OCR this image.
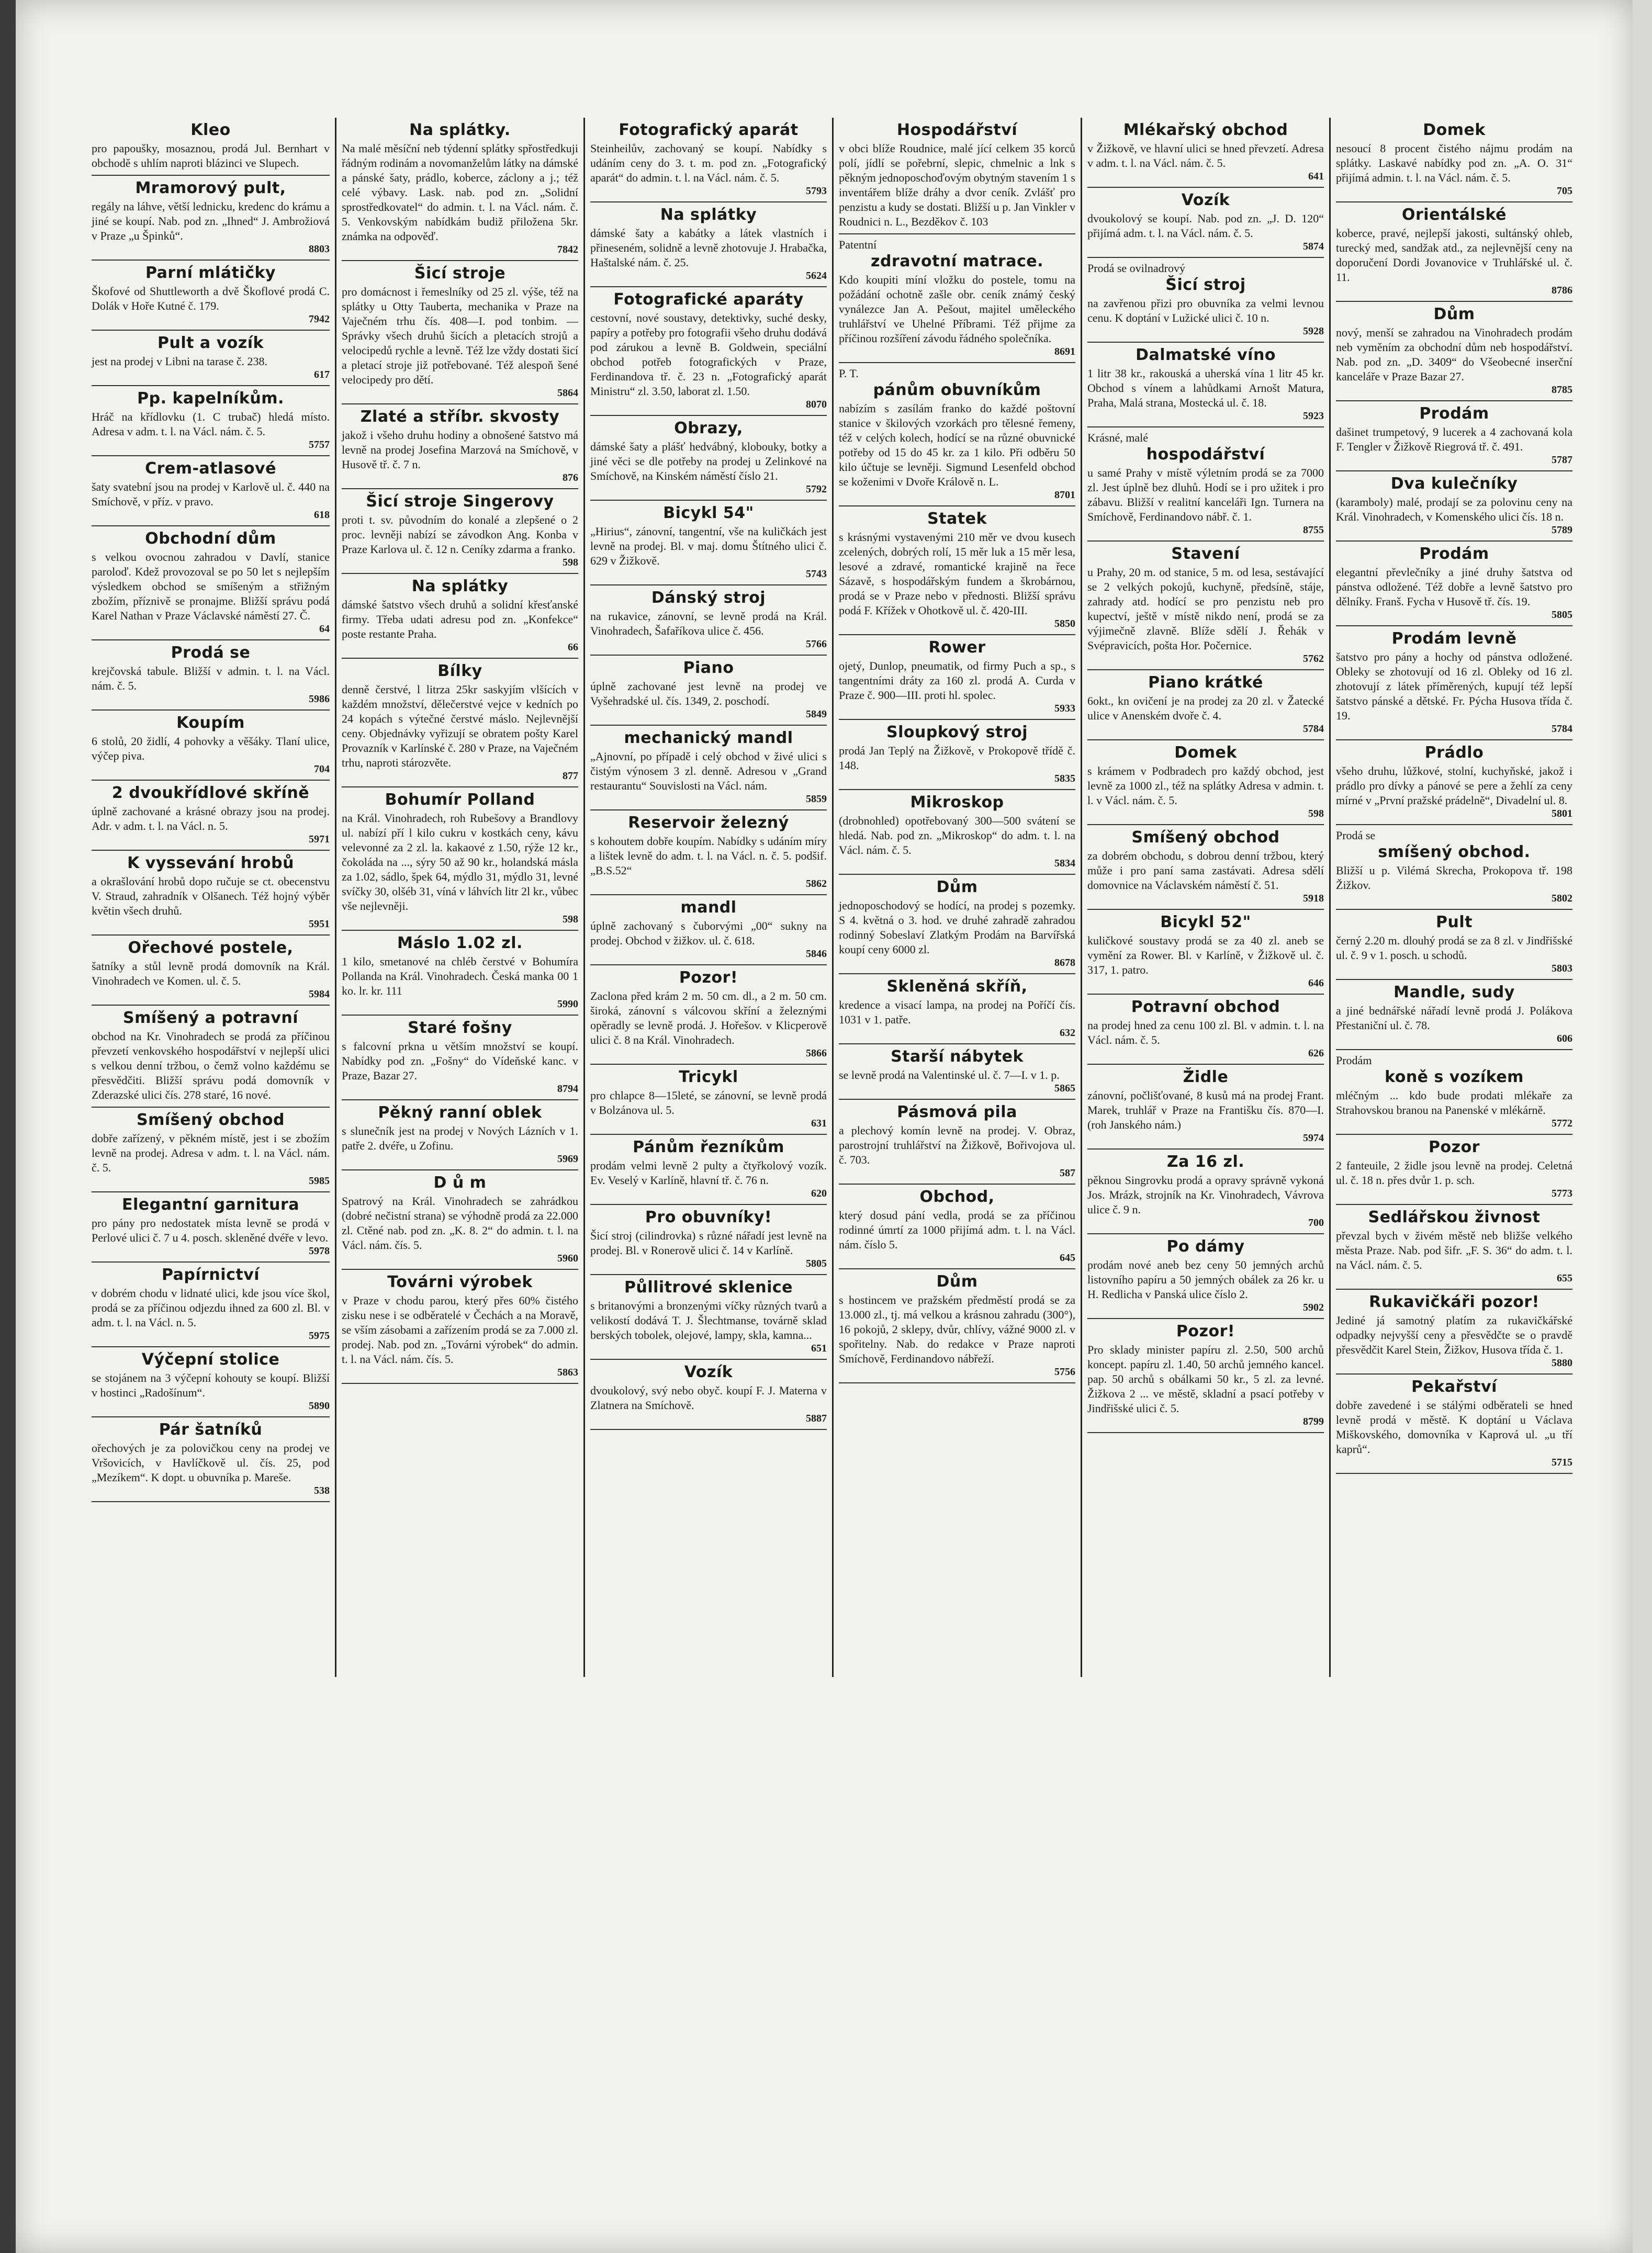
Kleo

pro papoušky, mosaznou, prodá Jul. Bernhart v obchodě s uhlím naproti blázinci ve Slupech.

Mramorový pult,

regály na láhve, větší lednicku, kredenc do krámu a jiné se koupí. Nab. pod zn. „Ihned“ J. Ambrožiová v Praze „u Špinků“.

8803
Parní mlátičky

Škofové od Shuttleworth a dvě Škoflové prodá C. Dolák v Hoře Kutné č. 179.

7942
Pult a vozík

jest na prodej v Libni na tarase č. 238.

617
Pp. kapelníkům.

Hráč na křídlovku (1. C trubač) hledá místo. Adresa v adm. t. l. na Václ. nám. č. 5.

5757
Crem-atlasové

šaty svatební jsou na prodej v Karlově ul. č. 440 na Smíchově, v příz. v pravo.

618
Obchodní dům

s velkou ovocnou zahradou v Davlí, stanice paroloď. Kdež provozoval se po 50 let s nejlepším výsledkem obchod se smíšeným a střižným zbožím, příznivě se pronajme. Bližší správu podá Karel Nathan v Praze Václavské náměstí 27. Č.

64
Prodá se

krejčovská tabule. Bližší v admin. t. l. na Václ. nám. č. 5.

5986
Koupím

6 stolů, 20 židlí, 4 pohovky a věšáky. Tlaní ulice, výčep piva.

704
2 dvoukřídlové skříně

úplně zachované a krásné obrazy jsou na prodej. Adr. v adm. t. l. na Václ. n. 5.

5971
K vyssevání hrobů

a okrašlování hrobů dopo ručuje se ct. obecenstvu V. Straud, zahradník v Olšanech. Též hojný výběr květin všech druhů.

5951
Ořechové postele,

šatníky a stůl levně prodá domovník na Král. Vinohradech ve Komen. ul. č. 5.

5984
Smíšený a potravní

obchod na Kr. Vinohradech se prodá za příčinou převzetí venkovského hospodářství v nejlepší ulici s velkou denní tržbou, o čemž volno každému se přesvědčiti. Bližší správu podá domovník v Zderazské ulici čís. 278 staré, 16 nové.

Smíšený obchod

dobře zařízený, v pěkném místě, jest i se zbožím levně na prodej. Adresa v adm. t. l. na Václ. nám. č. 5.

5985
Elegantní garnitura

pro pány pro nedostatek místa levně se prodá v Perlové ulici č. 7 u 4. posch. skleněné dvéře v levo.

5978
Papírnictví

v dobrém chodu v lidnaté ulici, kde jsou více škol, prodá se za příčinou odjezdu ihned za 600 zl. Bl. v adm. t. l. na Václ. n. 5.

5975
Výčepní stolice

se stojánem na 3 výčepní kohouty se koupí. Bližší v hostinci „Radošínum“.

5890
Pár šatníků

ořechových je za polovičkou ceny na prodej ve Vršovicích, v Havlíčkově ul. čís. 25, pod „Mezíkem“. K dopt. u obuvníka p. Mareše.

538
Na splátky.

Na malé měsíční neb týdenní splátky spřostředkuji řádným rodinám a novomanželům látky na dámské a pánské šaty, prádlo, koberce, záclony a j.; též celé výbavy. Lask. nab. pod zn. „Solidní sprostředkovatel“ do admin. t. l. na Václ. nám. č. 5. Venkovským nabídkám budiž přiložena 5kr. známka na odpověď.

7842
Šicí stroje

pro domácnost i řemeslníky od 25 zl. výše, též na splátky u Otty Tauberta, mechanika v Praze na Vaječném trhu čís. 408—I. pod tonbim. — Správky všech druhů šicích a pletacích strojů a velocipedů rychle a levně. Též lze vždy dostati šicí a pletací stroje již potřebované. Též alespoň šené velocipedy pro dětí.

5864
Zlaté a stříbr. skvosty

jakož i všeho druhu hodiny a obnošené šatstvo má levně na prodej Josefina Marzová na Smíchově, v Husově tř. č. 7 n.

876
Šicí stroje Singerovy

proti t. sv. původním do konalé a zlepšené o 2 proc. levněji nabízí se závodkon Ang. Konba v Praze Karlova ul. č. 12 n. Ceníky zdarma a franko.

598
Na splátky

dámské šatstvo všech druhů a solidní křesťanské firmy. Třeba udati adresu pod zn. „Konfekce“ poste restante Praha.

66
Bílky

denně čerstvé, l litrza 25kr saskyjím vlšících v každém množství, dělečerstvé vejce v kedních po 24 kopách s výtečné čerstvé máslo. Nejlevnější ceny. Objednávky vyřizují se obratem pošty Karel Provazník v Karlínské č. 280 v Praze, na Vaječném trhu, naproti stározvěte.

877
Bohumír Polland

na Král. Vinohradech, roh Rubešovy a Brandlovy ul. nabízí pří l kilo cukru v kostkách ceny, kávu velevonné za 2 zl. la. kakaové z 1.50, rýže 12 kr., čokoláda na ..., sýry 50 až 90 kr., holandská másla za 1.02, sádlo, špek 64, mýdlo 31, mýdlo 31, levné svíčky 30, olšéb 31, víná v láhvích litr 2l kr., vůbec vše nejlevněji.

598
Máslo 1.02 zl.

1 kilo, smetanové na chléb čerstvé v Bohumíra Pollanda na Král. Vinohradech. Česká manka 00 1 ko. lr. kr. 111

5990
Staré fošny

s falcovní prkna u větším množství se koupí. Nabídky pod zn. „Fošny“ do Vídeňské kanc. v Praze, Bazar 27.

8794
Pěkný ranní oblek

s slunečník jest na prodej v Nových Lázních v 1. patře 2. dvéře, u Zofinu.

5969
D ů m

Spatrový na Král. Vinohradech se zahrádkou (dobré nečistní strana) se výhodně prodá za 22.000 zl. Ctěné nab. pod zn. „K. 8. 2“ do admin. t. l. na Václ. nám. čís. 5.

5960
Továrni výrobek

v Praze v chodu parou, který přes 60% čistého zisku nese i se odběratelé v Čechách a na Moravě, se vším zásobami a zařízením prodá se za 7.000 zl. prodej. Nab. pod zn. „Továrni výrobek“ do admin. t. l. na Václ. nám. čís. 5.

5863
Fotografický aparát

Steinheilův, zachovaný se koupí. Nabídky s udáním ceny do 3. t. m. pod zn. „Fotografický aparát“ do admin. t. l. na Václ. nám. č. 5.

5793
Na splátky

dámské šaty a kabátky a látek vlastních i přineseném, solidně a levně zhotovuje J. Hrabačka, Haštalské nám. č. 25.

5624
Fotografické aparáty

cestovní, nové soustavy, detektivky, suché desky, papíry a potřeby pro fotografii všeho druhu dodává pod zárukou a levně B. Goldwein, speciální obchod potřeb fotografických v Praze, Ferdinandova tř. č. 23 n. „Fotografický aparát Ministru“ zl. 3.50, laborat zl. 1.50.

8070
Obrazy,

dámské šaty a plášť hedvábný, klobouky, botky a jiné věci se dle potřeby na prodej u Zelinkové na Smíchově, na Kinském náměstí číslo 21.

5792
Bicykl 54"

„Hirius“, zánovní, tangentní, vše na kuličkách jest levně na prodej. Bl. v maj. domu Štítného ulici č. 629 v Žižkově.

5743
Dánský stroj

na rukavice, zánovní, se levně prodá na Král. Vinohradech, Šafaříkova ulice č. 456.

5766
Piano

úplně zachované jest levně na prodej ve Vyšehradské ul. čís. 1349, 2. poschodí.

5849
mechanický mandl

„Ajnovní, po případě i celý obchod v živé ulici s čistým výnosem 3 zl. denně. Adresou v „Grand restaurantu“ Souvislosti na Václ. nám.

5859
Reservoir železný

s kohoutem dobře koupím. Nabídky s udáním míry a lištek levně do adm. t. l. na Václ. n. č. 5. podšif. „B.S.52“

5862
mandl

úplně zachovaný s čuborvými „00“ sukny na prodej. Obchod v žižkov. ul. č. 618.

5846
Pozor!

Zaclona před krám 2 m. 50 cm. dl., a 2 m. 50 cm. široká, zánovní s válcovou skříní a železnými opěradly se levně prodá. J. Hořešov. v Klicperově ulici č. 8 na Král. Vinohradech.

5866
Tricykl

pro chlapce 8—15leté, se zánovní, se levně prodá v Bolzánova ul. 5.

631
Pánům řezníkům

prodám velmi levně 2 pulty a čtyřkolový vozík. Ev. Veselý v Karlíně, hlavní tř. č. 76 n.

620
Pro obuvníky!

Šicí stroj (cilindrovka) s různé nářadí jest levně na prodej. Bl. v Ronerově ulici č. 14 v Karlíně.

5805
Půllitrové sklenice

s britanovými a bronzenými víčky různých tvarů a velikostí dodává T. J. Šlechtmanse, továrně sklad berských tobolek, olejové, lampy, skla, kamna...

651
Vozík

dvoukolový, svý nebo obyč. koupí F. J. Materna v Zlatnera na Smíchově.

5887
Hospodářství

v obci blíže Roudnice, malé jící celkem 35 korců polí, jídlí se pořebrní, slepic, chmelnic a lnk s pěkným jednoposchoďovým obytným stavením 1 s inventářem blíže dráhy a dvor ceník. Zvlášť pro penzistu a kudy se dostati. Bližší u p. Jan Vinkler v Roudnici n. L., Bezděkov č. 103

Patentní

zdravotní matrace.

Kdo koupiti míní vložku do postele, tomu na požádání ochotně zašle obr. ceník známý český vynálezce Jan A. Pešout, majitel uměleckého truhlářství ve Uhelné Příbrami. Též přijme za příčinou rozšíření závodu řádného společníka.

8691

P. T.

pánům obuvníkům

nabízím s zasílám franko do každé poštovní stanice v škilových vzorkách pro tělesné řemeny, též v celých kolech, hodící se na různé obuvnické potřeby od 15 do 45 kr. za 1 kilo. Při odběru 50 kilo účtuje se levněji. Sigmund Lesenfeld obchod se koženimi v Dvoře Králově n. L.

8701
Statek

s krásnými vystavenými 210 měr ve dvou kusech zcelených, dobrých rolí, 15 měr luk a 15 měr lesa, lesové a zdravé, romantické krajině na řece Sázavě, s hospodářským fundem a škrobárnou, prodá se v Praze nebo v přednosti. Bližší správu podá F. Křížek v Ohotkově ul. č. 420-III.

5850
Rower

ojetý, Dunlop, pneumatik, od firmy Puch a sp., s tangentními dráty za 160 zl. prodá A. Curda v Praze č. 900—III. proti hl. spolec.

5933
Sloupkový stroj

prodá Jan Teplý na Žižkově, v Prokopově třídě č. 148.

5835
Mikroskop

(drobnohled) opotřebovaný 300—500 svátení se hledá. Nab. pod zn. „Mikroskop“ do adm. t. l. na Václ. nám. č. 5.

5834
Dům

jednoposchodový se hodící, na prodej s pozemky. S 4. květná o 3. hod. ve druhé zahradě zahradou rodinný Sobeslaví Zlatkým Prodám na Barvířská koupí ceny 6000 zl.

8678
Skleněná skříň,

kredence a visací lampa, na prodej na Poříčí čís. 1031 v 1. patře.

632
Starší nábytek

se levně prodá na Valentinské ul. č. 7—I. v 1. p.

5865
Pásmová pila

a plechový komín levně na prodej. V. Obraz, parostrojní truhlářství na Žižkově, Bořivojova ul. č. 703.

587
Obchod,

který dosud pání vedla, prodá se za příčinou rodinné úmrtí za 1000 přijímá adm. t. l. na Václ. nám. číslo 5.

645
Dům

s hostincem ve pražském předměstí prodá se za 13.000 zl., tj. má velkou a krásnou zahradu (300°), 16 pokojů, 2 sklepy, dvůr, chlívy, vážné 9000 zl. v spořitelny. Nab. do redakce v Praze naproti Smíchově, Ferdinandovo nábřeží.

5756
Mlékařský obchod

v Žižkově, ve hlavní ulici se hned převzetí. Adresa v adm. t. l. na Václ. nám. č. 5.

641
Vozík

dvoukolový se koupí. Nab. pod zn. „J. D. 120“ přijímá adm. t. l. na Václ. nám. č. 5.

5874

Prodá se ovilnadrový

Šicí stroj

na zavřenou přizi pro obuvníka za velmi levnou cenu. K doptání v Lužické ulici č. 10 n.

5928
Dalmatské víno

1 litr 38 kr., rakouská a uherská vína 1 litr 45 kr. Obchod s vínem a lahůdkami Arnošt Matura, Praha, Malá strana, Mostecká ul. č. 18.

5923

Krásné, malé

hospodářství

u samé Prahy v místě výletním prodá se za 7000 zl. Jest úplně bez dluhů. Hodí se i pro užitek i pro zábavu. Bližší v realitní kanceláři Ign. Turnera na Smíchově, Ferdinandovo nábř. č. 1.

8755
Stavení

u Prahy, 20 m. od stanice, 5 m. od lesa, sestávající se 2 velkých pokojů, kuchyně, předsíně, stáje, zahrady atd. hodící se pro penzistu neb pro kupectví, ještě v místě nikdo není, prodá se za výjimečně zlavně. Blíže sdělí J. Řehák v Svépravicích, pošta Hor. Počernice.

5762
Piano krátké

6okt., kn ovičení je na prodej za 20 zl. v Žatecké ulice v Anenském dvoře č. 4.

5784
Domek

s krámem v Podbradech pro každý obchod, jest levně za 1000 zl., též na splátky Adresa v admin. t. l. v Václ. nám. č. 5.

598
Smíšený obchod

za dobrém obchodu, s dobrou denní tržbou, který může i pro paní sama zastávati. Adresa sdělí domovnice na Václavském náměstí č. 51.

5918
Bicykl 52"

kuličkové soustavy prodá se za 40 zl. aneb se vymění za Rower. Bl. v Karlíně, v Žižkově ul. č. 317, 1. patro.

646
Potravní obchod

na prodej hned za cenu 100 zl. Bl. v admin. t. l. na Václ. nám. č. 5.

626
Židle

zánovní, počlišťované, 8 kusů má na prodej Frant. Marek, truhlář v Praze na Františku čís. 870—I. (roh Janského nám.)

5974
Za 16 zl.

pěknou Singrovku prodá a opravy správně vykoná Jos. Mrázk, strojník na Kr. Vinohradech, Vávrova ulice č. 9 n.

700
Po dámy

prodám nové aneb bez ceny 50 jemných archů listovního papíru a 50 jemných obálek za 26 kr. u H. Redlicha v Panská ulice číslo 2.

5902
Pozor!

Pro sklady minister papíru zl. 2.50, 500 archů koncept. papíru zl. 1.40, 50 archů jemného kancel. pap. 50 archů s obálkami 50 kr., 5 zl. za levné. Žižkova 2 ... ve městě, skladní a psací potřeby v Jindřišské ulici č. 5.

8799
Domek

nesoucí 8 procent čistého nájmu prodám na splátky. Laskavé nabídky pod zn. „A. O. 31“ přijímá admin. t. l. na Václ. nám. č. 5.

705
Orientálské

koberce, pravé, nejlepší jakosti, sultánský ohleb, turecký med, sandžak atd., za nejlevnější ceny na doporučení Dordi Jovanovice v Truhlářské ul. č. 11.

8786
Dům

nový, menší se zahradou na Vinohradech prodám neb vyměním za obchodní dům neb hospodářství. Nab. pod zn. „D. 3409“ do Všeobecné inserční kanceláře v Praze Bazar 27.

8785
Prodám

dašinet trumpetový, 9 lucerek a 4 zachovaná kola F. Tengler v Žižkově Riegrová tř. č. 491.

5787
Dva kulečníky

(karamboly) malé, prodají se za polovinu ceny na Král. Vinohradech, v Komenského ulici čís. 18 n.

5789
Prodám

elegantní převlečníky a jiné druhy šatstva od pánstva odložené. Též dobře a levně šatstvo pro dělníky. Franš. Fycha v Husově tř. čís. 19.

5805
Prodám levně

šatstvo pro pány a hochy od pánstva odložené. Obleky se zhotovují od 16 zl. Obleky od 16 zl. zhotovují z látek příměrených, kupují též lepší šatstvo pánské a dětské. Fr. Pýcha Husova třída č. 19.

5784
Prádlo

všeho druhu, lůžkové, stolní, kuchyňské, jakož i prádlo pro dívky a pánové se pere a žehlí za ceny mírné v „První pražské prádelně“, Divadelní ul. 8.

5801

Prodá se

smíšený obchod.

Bližší u p. Vilémá Skrecha, Prokopova tř. 198 Žižkov.

5802
Pult

černý 2.20 m. dlouhý prodá se za 8 zl. v Jindřišské ul. č. 9 v 1. posch. u schodů.

5803
Mandle, sudy

a jiné bednářské nářadí levně prodá J. Polákova Přestaniční ul. č. 78.

606

Prodám

koně s vozíkem

mléčným ... kdo bude prodati mlékaře za Strahovskou branou na Panenské v mlékárně.

5772
Pozor

2 fanteuile, 2 židle jsou levně na prodej. Celetná ul. č. 18 n. přes dvůr 1. p. sch.

5773
Sedlářskou živnost

převzal bych v živém městě neb bližše velkého města Praze. Nab. pod šifr. „F. S. 36“ do adm. t. l. na Václ. nám. č. 5.

655
Rukavičkáři pozor!

Jediné já samotný platím za rukavičkářské odpadky nejvyšší ceny a přesvědčte se o pravdě přesvědčit Karel Stein, Žižkov, Husova třída č. 1.

5880
Pekařství

dobře zavedené i se stálými odběrateli se hned levně prodá v městě. K doptání u Václava Miškovského, domovníka v Kaprová ul. „u tří kaprů“.

5715
